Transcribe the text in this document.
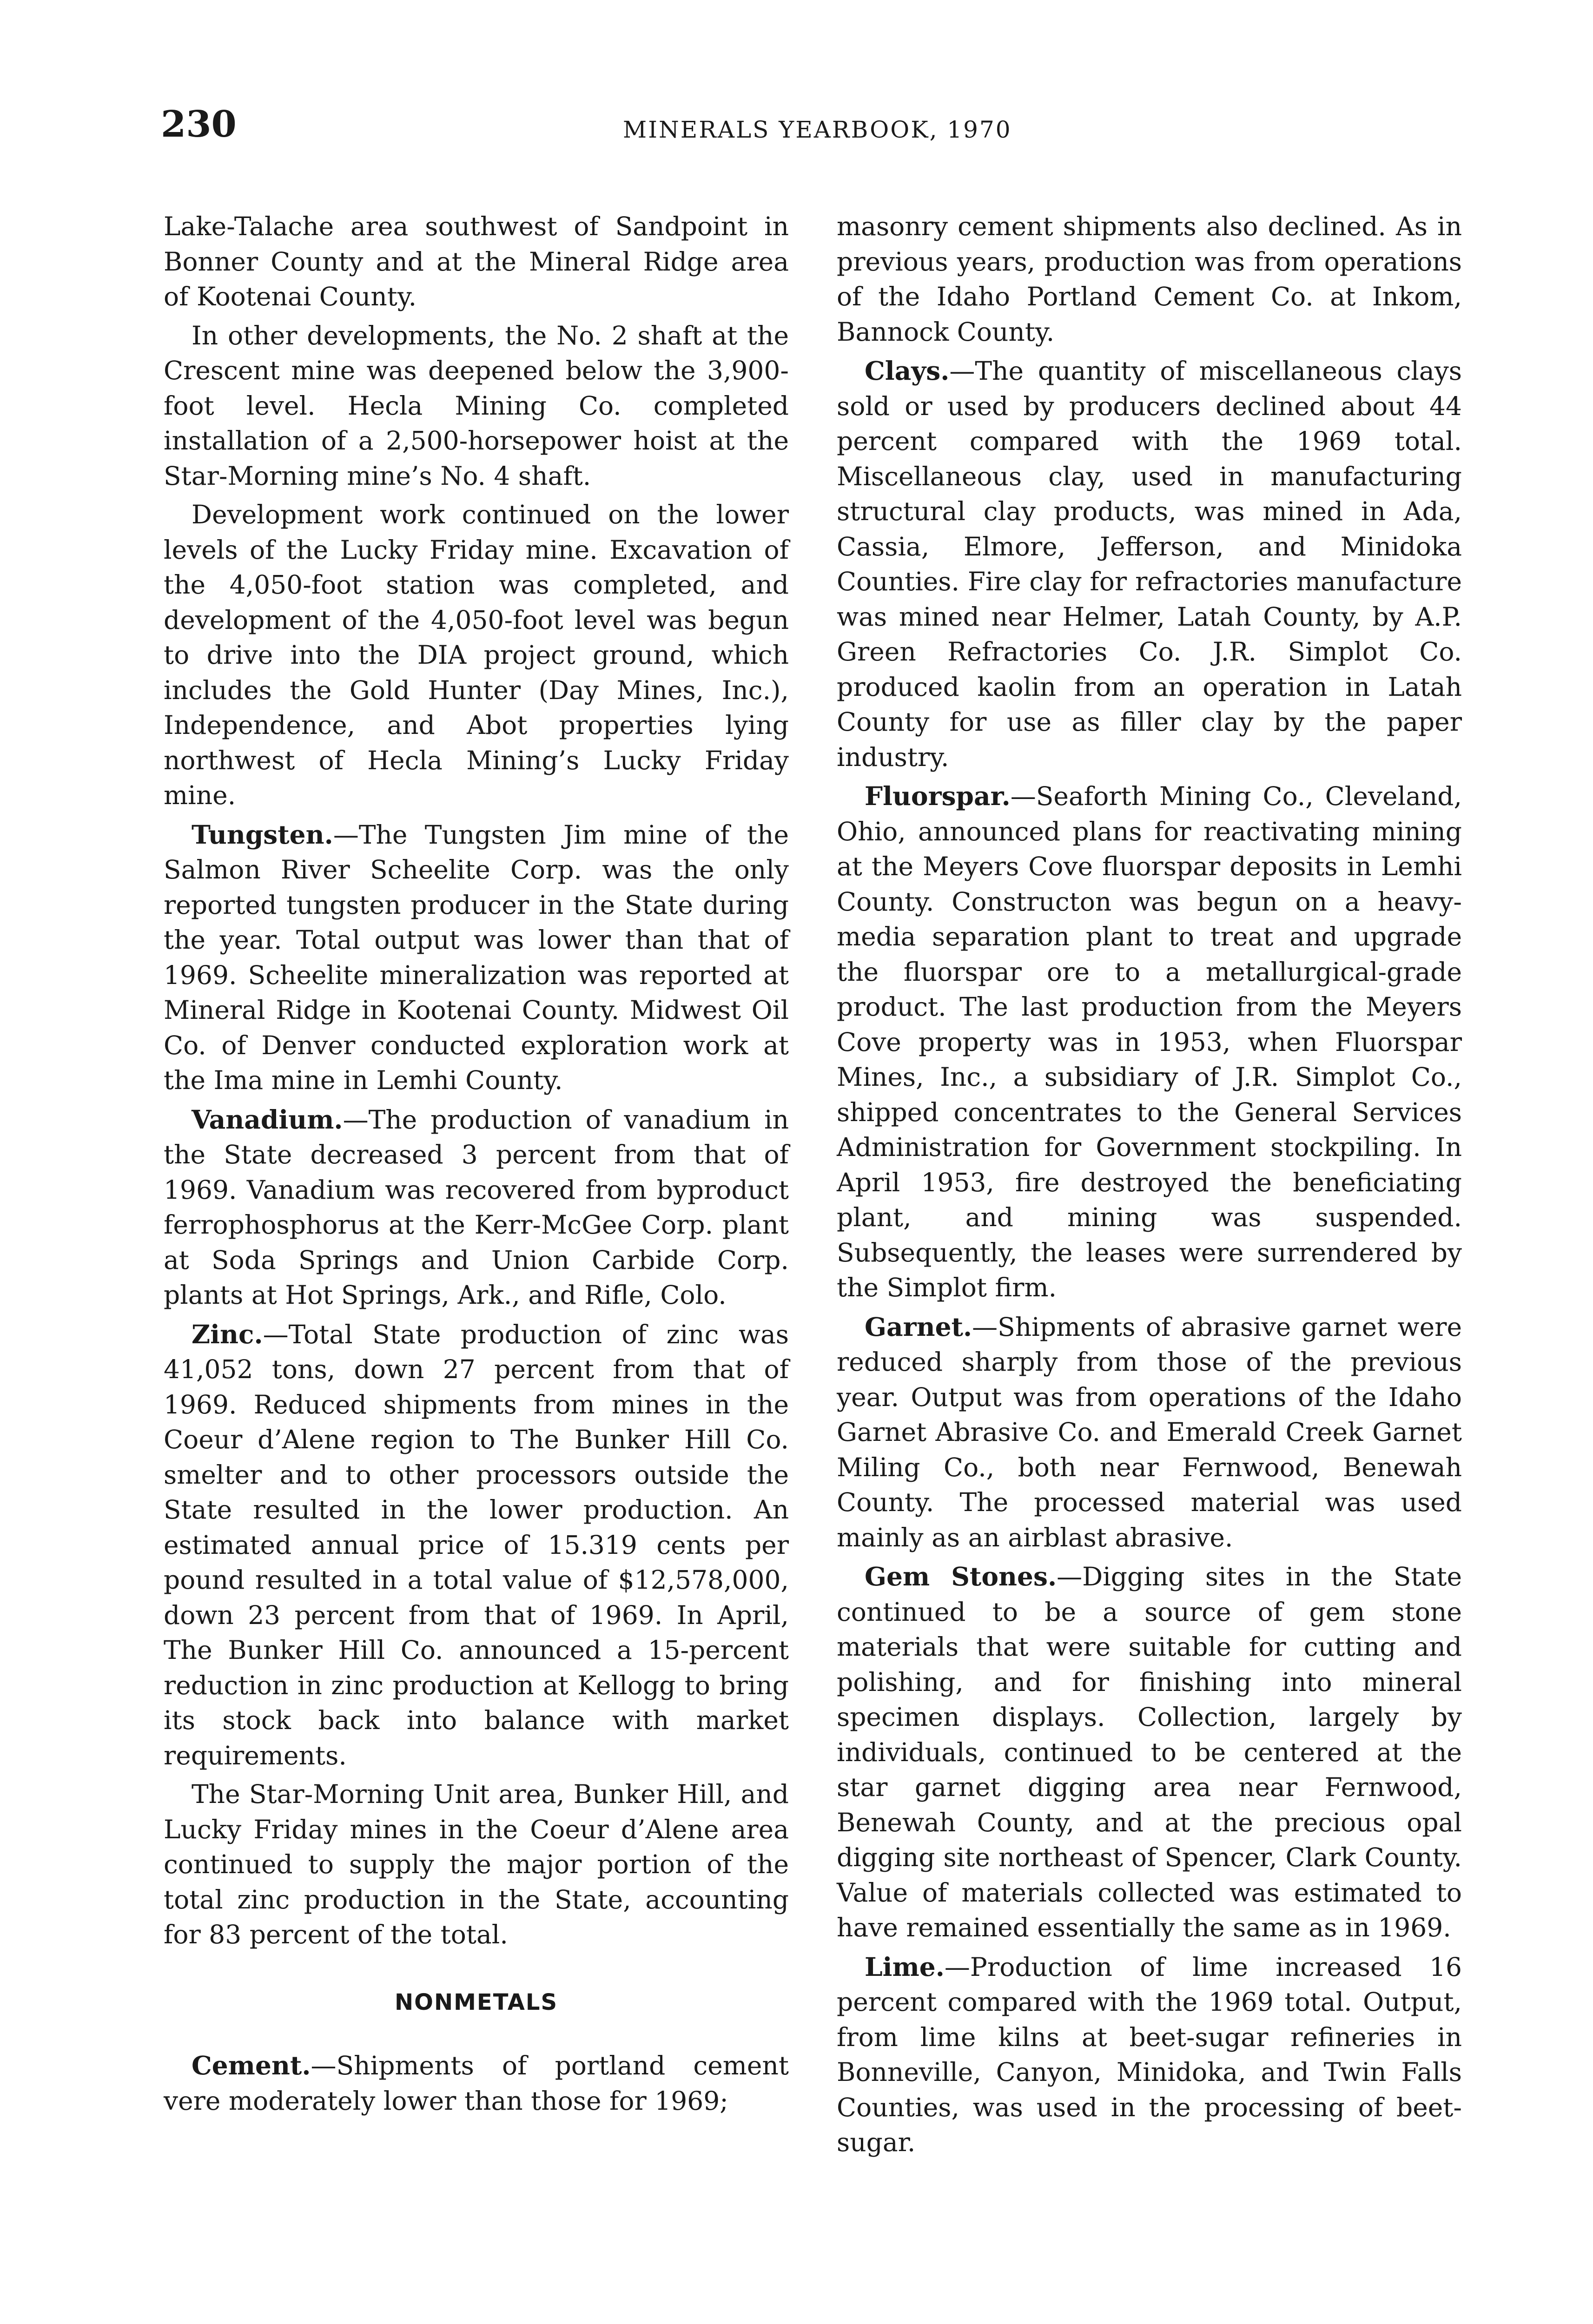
230	MINERALS YEARBOOK, 1970

Lake-Talache area southwest of Sandpoint in Bonner County and at the Mineral Ridge area of Kootenai County.

In other developments, the No. 2 shaft at the Crescent mine was deepened below the 3,900-foot level. Hecla Mining Co. completed installation of a 2,500-horsepower hoist at the Star-Morning mine’s No. 4 shaft.

Development work continued on the lower levels of the Lucky Friday mine. Excavation of the 4,050-foot station was completed, and development of the 4,050-foot level was begun to drive into the DIA project ground, which includes the Gold Hunter (Day Mines, Inc.), Independence, and Abot properties lying northwest of Hecla Mining’s Lucky Friday mine.

Tungsten.—The Tungsten Jim mine of the Salmon River Scheelite Corp. was the only reported tungsten producer in the State during the year. Total output was lower than that of 1969. Scheelite mineralization was reported at Mineral Ridge in Kootenai County. Midwest Oil Co. of Denver conducted exploration work at the Ima mine in Lemhi County.

Vanadium.—The production of vanadium in the State decreased 3 percent from that of 1969. Vanadium was recovered from byproduct ferrophosphorus at the Kerr-McGee Corp. plant at Soda Springs and Union Carbide Corp. plants at Hot Springs, Ark., and Rifle, Colo.

Zinc.—Total State production of zinc was 41,052 tons, down 27 percent from that of 1969. Reduced shipments from mines in the Coeur d’Alene region to The Bunker Hill Co. smelter and to other processors outside the State resulted in the lower production. An estimated annual price of 15.319 cents per pound resulted in a total value of $12,578,000, down 23 percent from that of 1969. In April, The Bunker Hill Co. announced a 15-percent reduction in zinc production at Kellogg to bring its stock back into balance with market requirements.

The Star-Morning Unit area, Bunker Hill, and Lucky Friday mines in the Coeur d’Alene area continued to supply the major portion of the total zinc production in the State, accounting for 83 percent of the total.

NONMETALS

Cement.—Shipments of portland cement vere moderately lower than those for 1969;

masonry cement shipments also declined. As in previous years, production was from operations of the Idaho Portland Cement Co. at Inkom, Bannock County.

Clays.—The quantity of miscellaneous clays sold or used by producers declined about 44 percent compared with the 1969 total. Miscellaneous clay, used in manufacturing structural clay products, was mined in Ada, Cassia, Elmore, Jefferson, and Minidoka Counties. Fire clay for refractories manufacture was mined near Helmer, Latah County, by A.P. Green Refractories Co. J.R. Simplot Co. produced kaolin from an operation in Latah County for use as filler clay by the paper industry.

Fluorspar.—Seaforth Mining Co., Cleveland, Ohio, announced plans for reactivating mining at the Meyers Cove fluorspar deposits in Lemhi County. Constructon was begun on a heavy-media separation plant to treat and upgrade the fluorspar ore to a metallurgical-grade product. The last production from the Meyers Cove property was in 1953, when Fluorspar Mines, Inc., a subsidiary of J.R. Simplot Co., shipped concentrates to the General Services Administration for Government stockpiling. In April 1953, fire destroyed the beneficiating plant, and mining was suspended. Subsequently, the leases were surrendered by the Simplot firm.

Garnet.—Shipments of abrasive garnet were reduced sharply from those of the previous year. Output was from operations of the Idaho Garnet Abrasive Co. and Emerald Creek Garnet Miling Co., both near Fernwood, Benewah County. The processed material was used mainly as an airblast abrasive.

Gem Stones.—Digging sites in the State continued to be a source of gem stone materials that were suitable for cutting and polishing, and for finishing into mineral specimen displays. Collection, largely by individuals, continued to be centered at the star garnet digging area near Fernwood, Benewah County, and at the precious opal digging site northeast of Spencer, Clark County. Value of materials collected was estimated to have remained essentially the same as in 1969.

Lime.—Production of lime increased 16 percent compared with the 1969 total. Output, from lime kilns at beet-sugar refineries in Bonneville, Canyon, Minidoka, and Twin Falls Counties, was used in the processing of beet-sugar.
